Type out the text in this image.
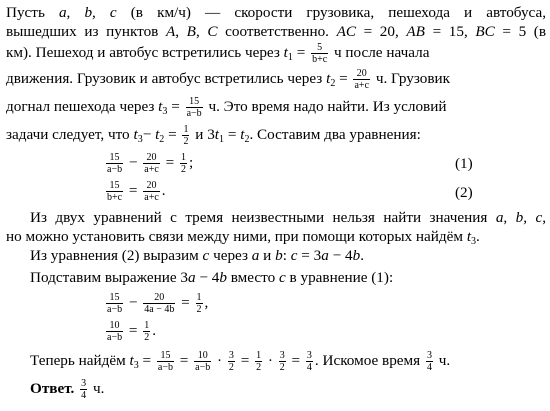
Пусть a, b, c (в км/ч) — скорости грузовика, пешехода и автобуса,
вышедших из пунктов A, B, C соответственно. AC = 20, AB = 15, BC = 5 (в
км). Пешеход и автобус встретились через $t_1 = \frac{5}{b+c}$ ч после начала
движения. Грузовик и автобус встретились через $t_2 = \frac{20}{a+c} ч$. Грузовик
догнал пешехода через $t_3 = \frac{15}{a-b} ч$. Это время надо найти. Из условий
задачи следует, что $t_3- t_2 = \frac{1}{2}$ и $3t_1 = t_2$. Составим два уравнения:
$\frac{15}{a-b} - \frac{20}{a+c} = \frac{1}{2}$ ;	(1)
$\frac{15}{b+c} = \frac{20}{a+c}$ .	(2)
Из двух уравнений с тремя неизвестными нельзя найти значения a, b, c,
но можно установить связи между ними, при помощи которых найдём $t_3$.
Из уравнения (2) выразим c через a и b: c = 3a − 4b.
Подставим выражение 3a − 4b вместо c в уравнение (1):
$\frac{15}{a-b} - \frac{20}{4a - 4b} = \frac{1}{2}$ ,
$\frac{10}{a-b} = \frac{1}{2}$ .
Теперь найдём $t_3 = \frac{15}{a-b} = \frac{10}{a-b} \cdot \frac{3}{2} = \frac{1}{2} \cdot \frac{3}{2} = \frac{3}{4}$ . Искомое время $\frac{3}{4} ч$.
Ответ. $\frac{3}{4} ч$.
